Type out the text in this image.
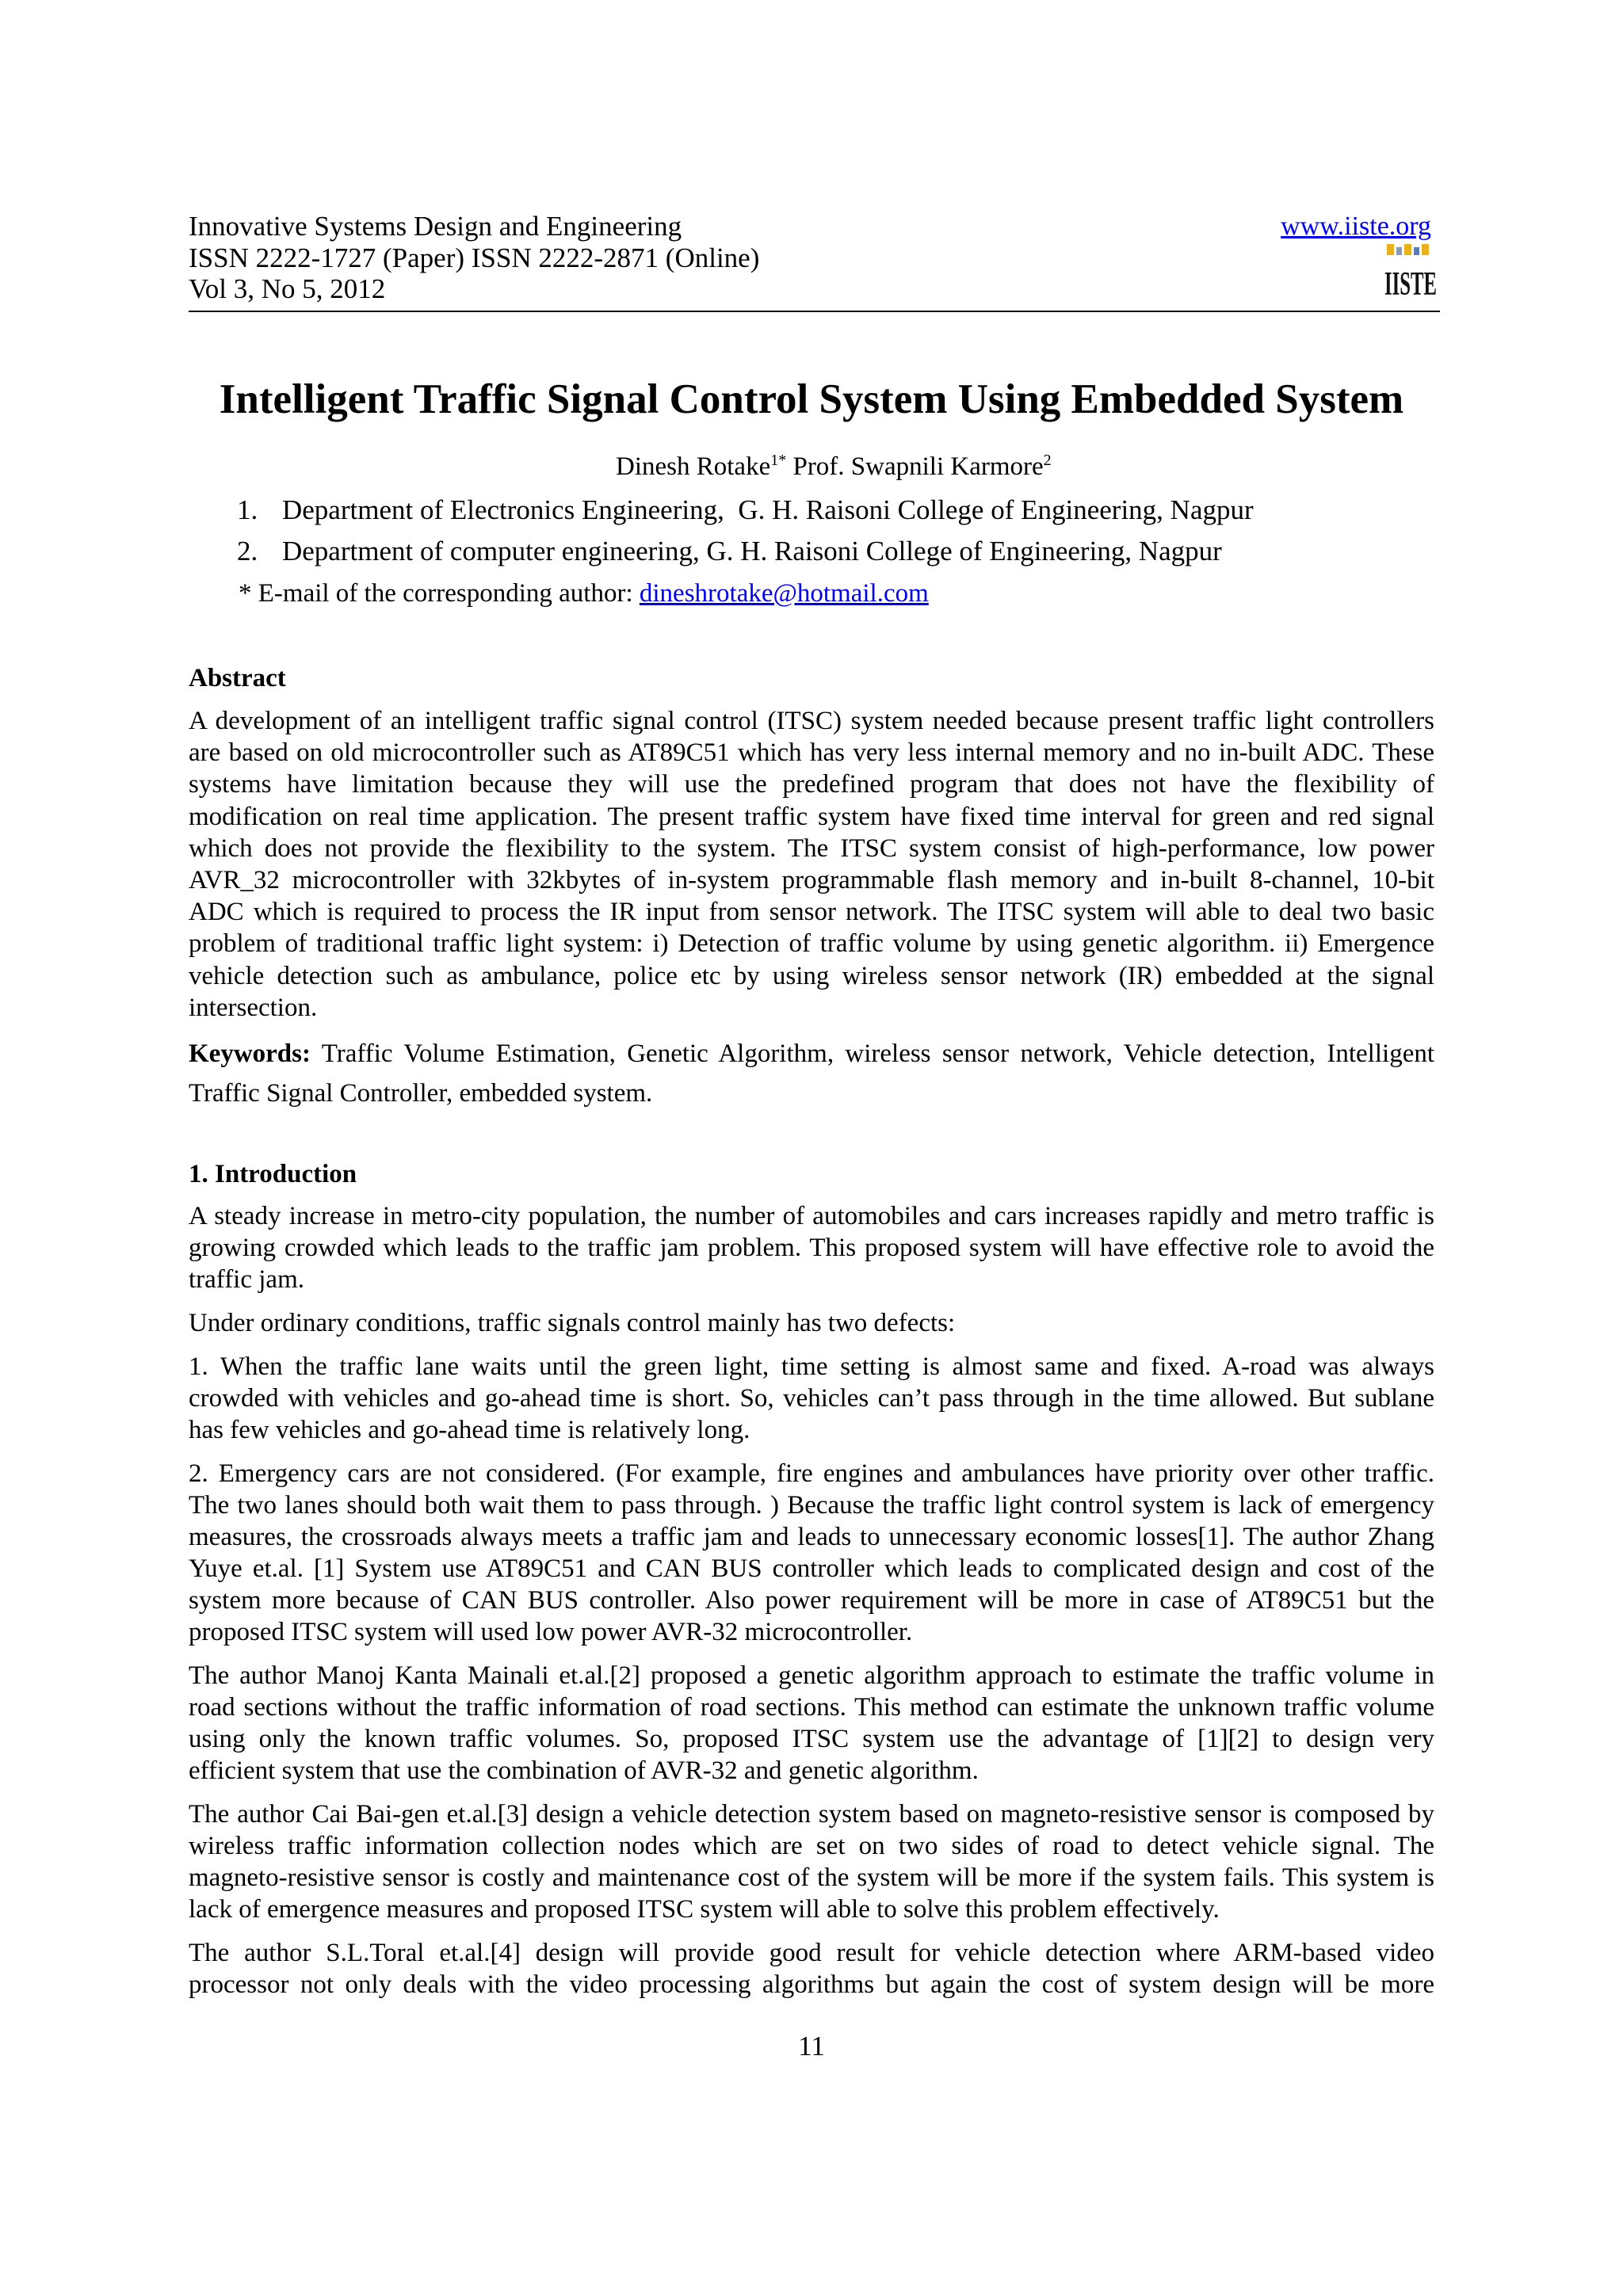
Innovative Systems Design and Engineering
ISSN 2222-1727 (Paper) ISSN 2222-2871 (Online)
Vol 3, No 5, 2012
www.iiste.org
IISTE
Intelligent Traffic Signal Control System Using Embedded System
Dinesh Rotake$^{1*}$ Prof. Swapnili Karmore$^2$
1. Department of Electronics Engineering,  G. H. Raisoni College of Engineering, Nagpur
2. Department of computer engineering, G. H. Raisoni College of Engineering, Nagpur
* E-mail of the corresponding author: dineshrotake@hotmail.com
Abstract
A development of an intelligent traffic signal control (ITSC) system needed because present traffic light controllers
are based on old microcontroller such as AT89C51 which has very less internal memory and no in-built ADC. These
systems have limitation because they will use the predefined program that does not have the flexibility of
modification on real time application. The present traffic system have fixed time interval for green and red signal
which does not provide the flexibility to the system. The ITSC system consist of high-performance, low power
AVR_32 microcontroller with 32kbytes of in-system programmable flash memory and in-built 8-channel, 10-bit
ADC which is required to process the IR input from sensor network. The ITSC system will able to deal two basic
problem of traditional traffic light system: i) Detection of traffic volume by using genetic algorithm. ii) Emergence
vehicle detection such as ambulance, police etc by using wireless sensor network (IR) embedded at the signal
intersection.
Keywords: Traffic Volume Estimation, Genetic Algorithm, wireless sensor network, Vehicle detection, Intelligent
Traffic Signal Controller, embedded system.
1. Introduction
A steady increase in metro-city population, the number of automobiles and cars increases rapidly and metro traffic is
growing crowded which leads to the traffic jam problem. This proposed system will have effective role to avoid the
traffic jam.
Under ordinary conditions, traffic signals control mainly has two defects:
1. When the traffic lane waits until the green light, time setting is almost same and fixed. A-road was always
crowded with vehicles and go-ahead time is short. So, vehicles can’t pass through in the time allowed. But sublane
has few vehicles and go-ahead time is relatively long.
2. Emergency cars are not considered. (For example, fire engines and ambulances have priority over other traffic.
The two lanes should both wait them to pass through. ) Because the traffic light control system is lack of emergency
measures, the crossroads always meets a traffic jam and leads to unnecessary economic losses[1]. The author Zhang
Yuye et.al. [1] System use AT89C51 and CAN BUS controller which leads to complicated design and cost of the
system more because of CAN BUS controller. Also power requirement will be more in case of AT89C51 but the
proposed ITSC system will used low power AVR-32 microcontroller.
The author Manoj Kanta Mainali et.al.[2] proposed a genetic algorithm approach to estimate the traffic volume in
road sections without the traffic information of road sections. This method can estimate the unknown traffic volume
using only the known traffic volumes. So, proposed ITSC system use the advantage of [1][2] to design very
efficient system that use the combination of AVR-32 and genetic algorithm.
The author Cai Bai-gen et.al.[3] design a vehicle detection system based on magneto-resistive sensor is composed by
wireless traffic information collection nodes which are set on two sides of road to detect vehicle signal. The
magneto-resistive sensor is costly and maintenance cost of the system will be more if the system fails. This system is
lack of emergence measures and proposed ITSC system will able to solve this problem effectively.
The author S.L.Toral et.al.[4] design will provide good result for vehicle detection where ARM-based video
processor not only deals with the video processing algorithms but again the cost of system design will be more
11
